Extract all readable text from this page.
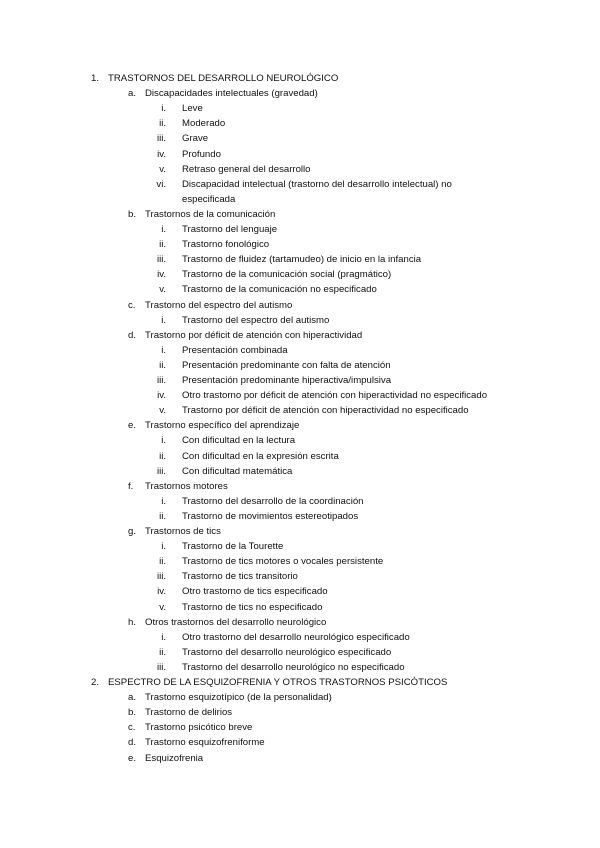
1. TRASTORNOS DEL DESARROLLO NEUROLÓGICO
a. Discapacidades intelectuales (gravedad)
i. Leve
ii. Moderado
iii. Grave
iv. Profundo
v. Retraso general del desarrollo
vi. Discapacidad intelectual (trastorno del desarrollo intelectual) no
especificada
b. Trastornos de la comunicación
i. Trastorno del lenguaje
ii. Trastorno fonológico
iii. Trastorno de fluidez (tartamudeo) de inicio en la infancia
iv. Trastorno de la comunicación social (pragmático)
v. Trastorno de la comunicación no especificado
c. Trastorno del espectro del autismo
i. Trastorno del espectro del autismo
d. Trastorno por déficit de atención con hiperactividad
i. Presentación combinada
ii. Presentación predominante con falta de atención
iii. Presentación predominante hiperactiva/impulsiva
iv. Otro trastorno por déficit de atención con hiperactividad no especificado
v. Trastorno por déficit de atención con hiperactividad no especificado
e. Trastorno específico del aprendizaje
i. Con dificultad en la lectura
ii. Con dificultad en la expresión escrita
iii. Con dificultad matemática
f. Trastornos motores
i. Trastorno del desarrollo de la coordinación
ii. Trastorno de movimientos estereotipados
g. Trastornos de tics
i. Trastorno de la Tourette
ii. Trastorno de tics motores o vocales persistente
iii. Trastorno de tics transitorio
iv. Otro trastorno de tics especificado
v. Trastorno de tics no especificado
h. Otros trastornos del desarrollo neurológico
i. Otro trastorno del desarrollo neurológico especificado
ii. Trastorno del desarrollo neurológico especificado
iii. Trastorno del desarrollo neurológico no especificado
2. ESPECTRO DE LA ESQUIZOFRENIA Y OTROS TRASTORNOS PSICÓTICOS
a. Trastorno esquizotípico (de la personalidad)
b. Trastorno de delirios
c. Trastorno psicótico breve
d. Trastorno esquizofreniforme
e. Esquizofrenia
